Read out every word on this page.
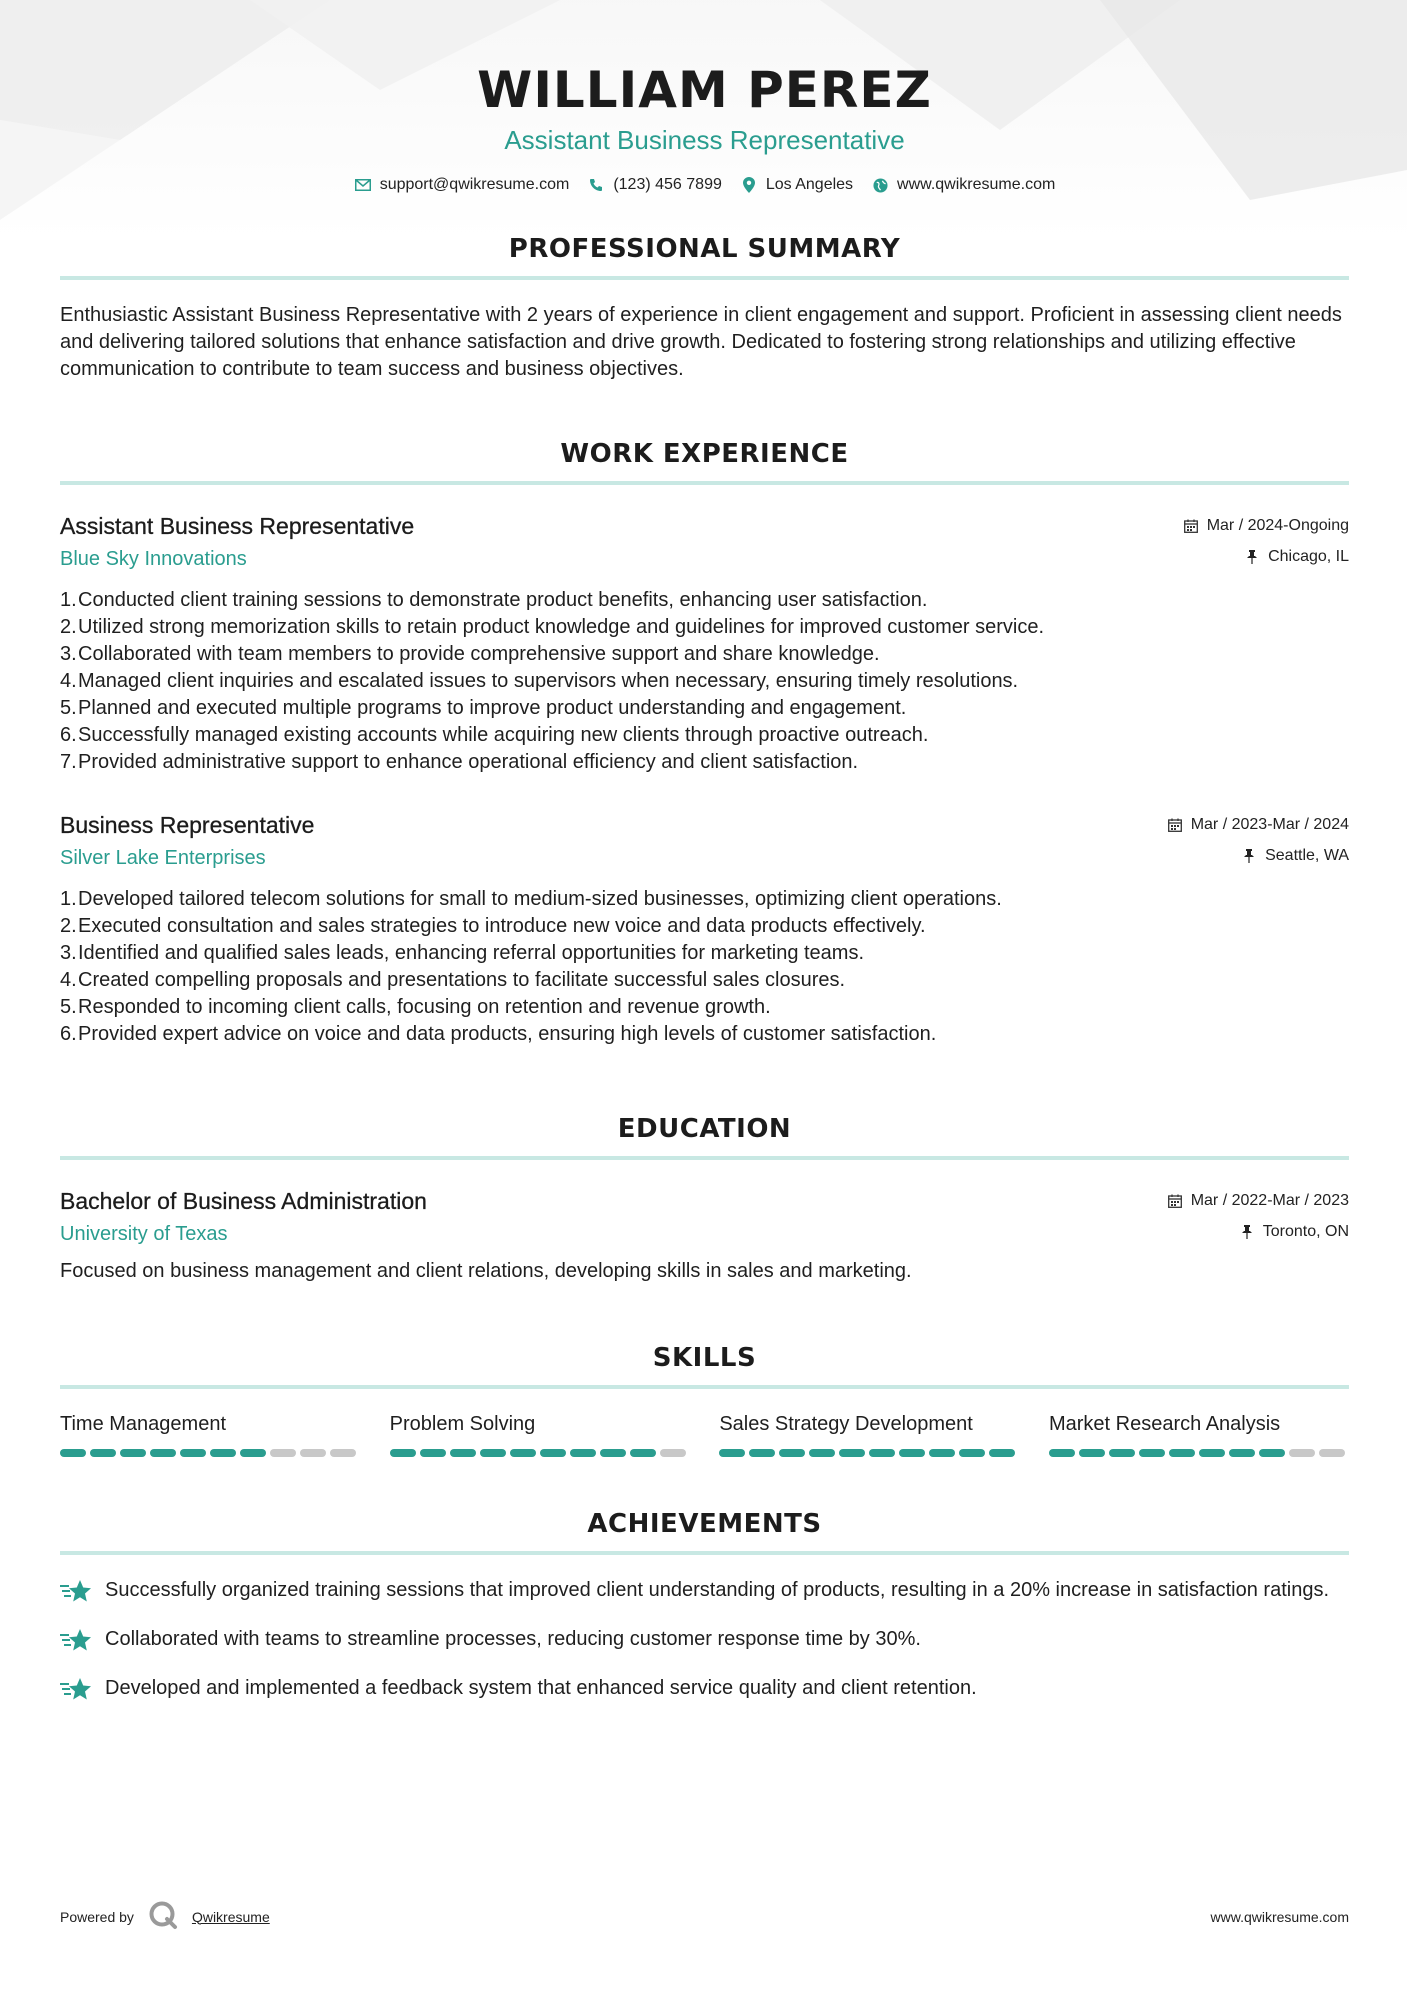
WILLIAM PEREZ
Assistant Business Representative
support@qwikresume.com	(123) 456 7899	Los Angeles	www.qwikresume.com
PROFESSIONAL SUMMARY
Enthusiastic Assistant Business Representative with 2 years of experience in client engagement and support. Proficient in assessing client needs and delivering tailored solutions that enhance satisfaction and drive growth. Dedicated to fostering strong relationships and utilizing effective communication to contribute to team success and business objectives.
WORK EXPERIENCE
Assistant Business Representative	Mar / 2024-Ongoing
Blue Sky Innovations	Chicago, IL
1. Conducted client training sessions to demonstrate product benefits, enhancing user satisfaction.
2. Utilized strong memorization skills to retain product knowledge and guidelines for improved customer service.
3. Collaborated with team members to provide comprehensive support and share knowledge.
4. Managed client inquiries and escalated issues to supervisors when necessary, ensuring timely resolutions.
5. Planned and executed multiple programs to improve product understanding and engagement.
6. Successfully managed existing accounts while acquiring new clients through proactive outreach.
7. Provided administrative support to enhance operational efficiency and client satisfaction.
Business Representative	Mar / 2023-Mar / 2024
Silver Lake Enterprises	Seattle, WA
1. Developed tailored telecom solutions for small to medium-sized businesses, optimizing client operations.
2. Executed consultation and sales strategies to introduce new voice and data products effectively.
3. Identified and qualified sales leads, enhancing referral opportunities for marketing teams.
4. Created compelling proposals and presentations to facilitate successful sales closures.
5. Responded to incoming client calls, focusing on retention and revenue growth.
6. Provided expert advice on voice and data products, ensuring high levels of customer satisfaction.
EDUCATION
Bachelor of Business Administration	Mar / 2022-Mar / 2023
University of Texas	Toronto, ON
Focused on business management and client relations, developing skills in sales and marketing.
SKILLS
Time Management	Problem Solving	Sales Strategy Development	Market Research Analysis
ACHIEVEMENTS
Successfully organized training sessions that improved client understanding of products, resulting in a 20% increase in satisfaction ratings.
Collaborated with teams to streamline processes, reducing customer response time by 30%.
Developed and implemented a feedback system that enhanced service quality and client retention.
Powered by	Qwikresume	www.qwikresume.com
